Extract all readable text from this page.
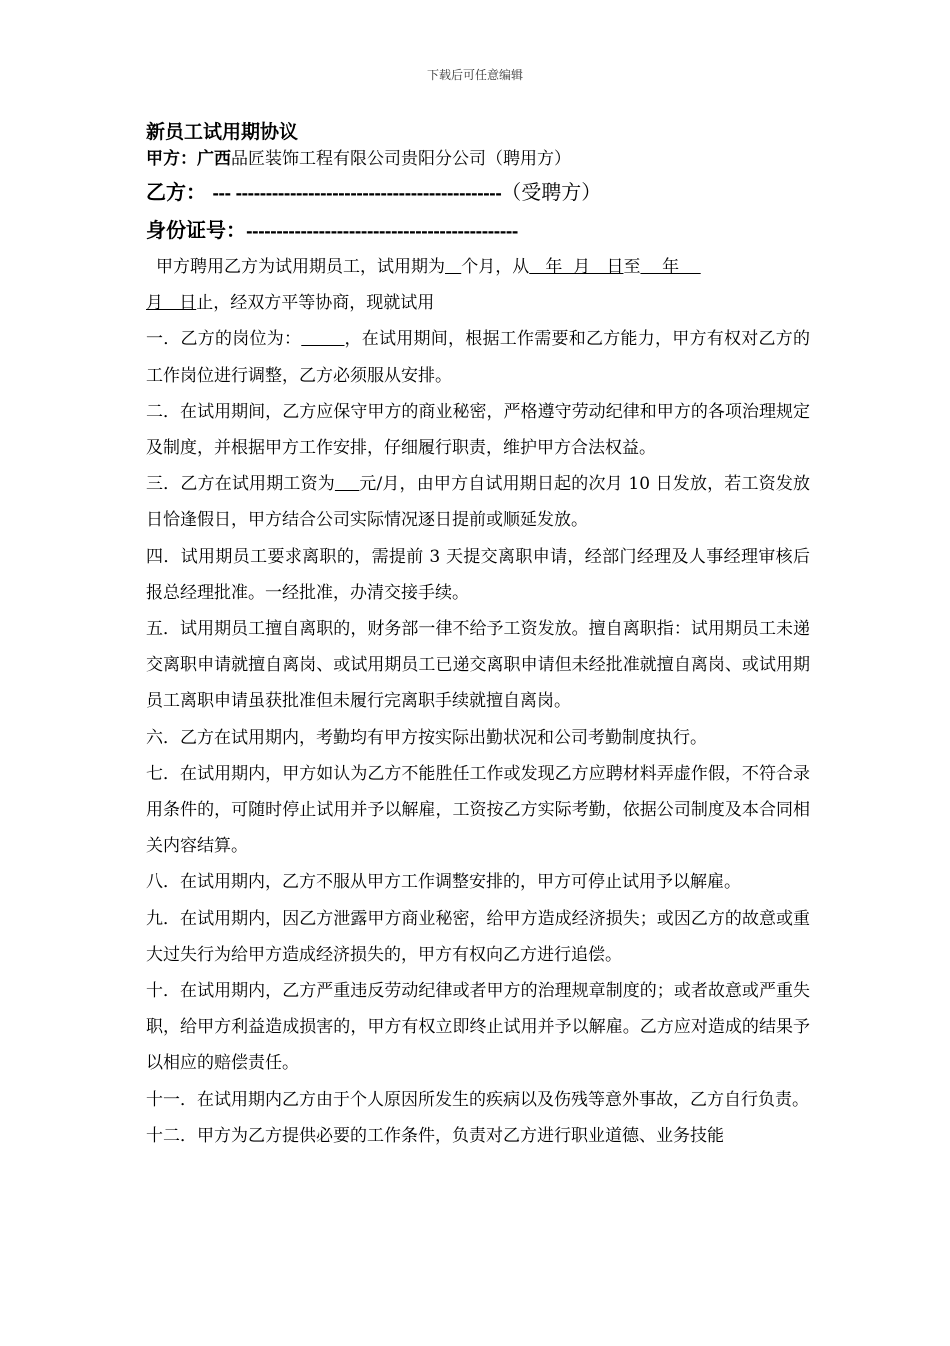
下载后可任意编辑
新员工试用期协议
甲方：广西品匠装饰工程有限公司贵阳分公司（聘用方）
乙方： --- --------------------------------------------（受聘方）
身份证号：---------------------------------------------

甲方聘用乙方为试用期员工，试用期为 个月，从   年  月   日至    年
月   日止，经双方平等协商，现就试用

一．乙方的岗位为：	，在试用期间，根据工作需要和乙方能力，甲方有权对乙方的工作岗位进行调整，乙方必须服从安排。

二．在试用期间，乙方应保守甲方的商业秘密，严格遵守劳动纪律和甲方的各项治理规定及制度，并根据甲方工作安排，仔细履行职责，维护甲方合法权益。

三．乙方在试用期工资为 元/月，由甲方自试用期日起的次月 10 日发放，若工资发放日恰逢假日，甲方结合公司实际情况逐日提前或顺延发放。

四．试用期员工要求离职的，需提前 3 天提交离职申请，经部门经理及人事经理审核后报总经理批准。一经批准，办清交接手续。

五．试用期员工擅自离职的，财务部一律不给予工资发放。擅自离职指：试用期员工未递交离职申请就擅自离岗、或试用期员工已递交离职申请但未经批准就擅自离岗、或试用期员工离职申请虽获批准但未履行完离职手续就擅自离岗。

六．乙方在试用期内，考勤均有甲方按实际出勤状况和公司考勤制度执行。

七．在试用期内，甲方如认为乙方不能胜任工作或发现乙方应聘材料弄虚作假，不符合录用条件的，可随时停止试用并予以解雇，工资按乙方实际考勤，依据公司制度及本合同相关内容结算。

八．在试用期内，乙方不服从甲方工作调整安排的，甲方可停止试用予以解雇。

九．在试用期内，因乙方泄露甲方商业秘密，给甲方造成经济损失；或因乙方的故意或重大过失行为给甲方造成经济损失的，甲方有权向乙方进行追偿。

十．在试用期内，乙方严重违反劳动纪律或者甲方的治理规章制度的；或者故意或严重失职，给甲方利益造成损害的，甲方有权立即终止试用并予以解雇。乙方应对造成的结果予以相应的赔偿责任。

十一．在试用期内乙方由于个人原因所发生的疾病以及伤残等意外事故，乙方自行负责。

十二．甲方为乙方提供必要的工作条件，负责对乙方进行职业道德、业务技能
